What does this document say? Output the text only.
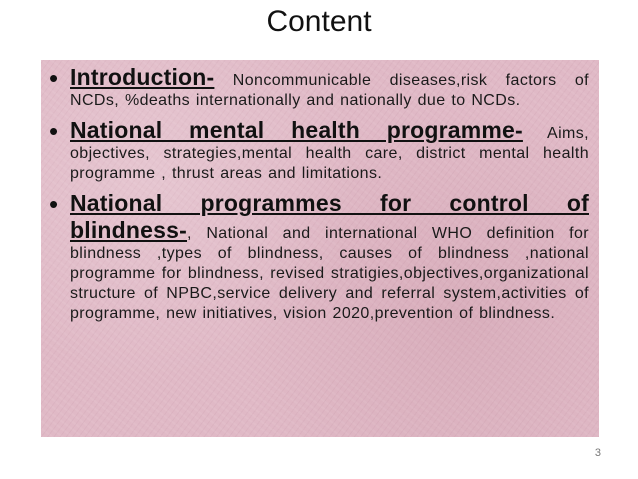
Content
• Introduction- Noncommunicable diseases,risk factors of NCDs, %deaths internationally and nationally due to NCDs.
• National mental health programme- Aims, objectives, strategies,mental health care, district mental health programme , thrust areas and limitations.
• National programmes for control of blindness-, National and international WHO definition for blindness ,types of blindness, causes of blindness ,national programme for blindness, revised stratigies,objectives,organizational structure of NPBC,service delivery and referral system,activities of programme, new initiatives, vision 2020,prevention of blindness.
3
